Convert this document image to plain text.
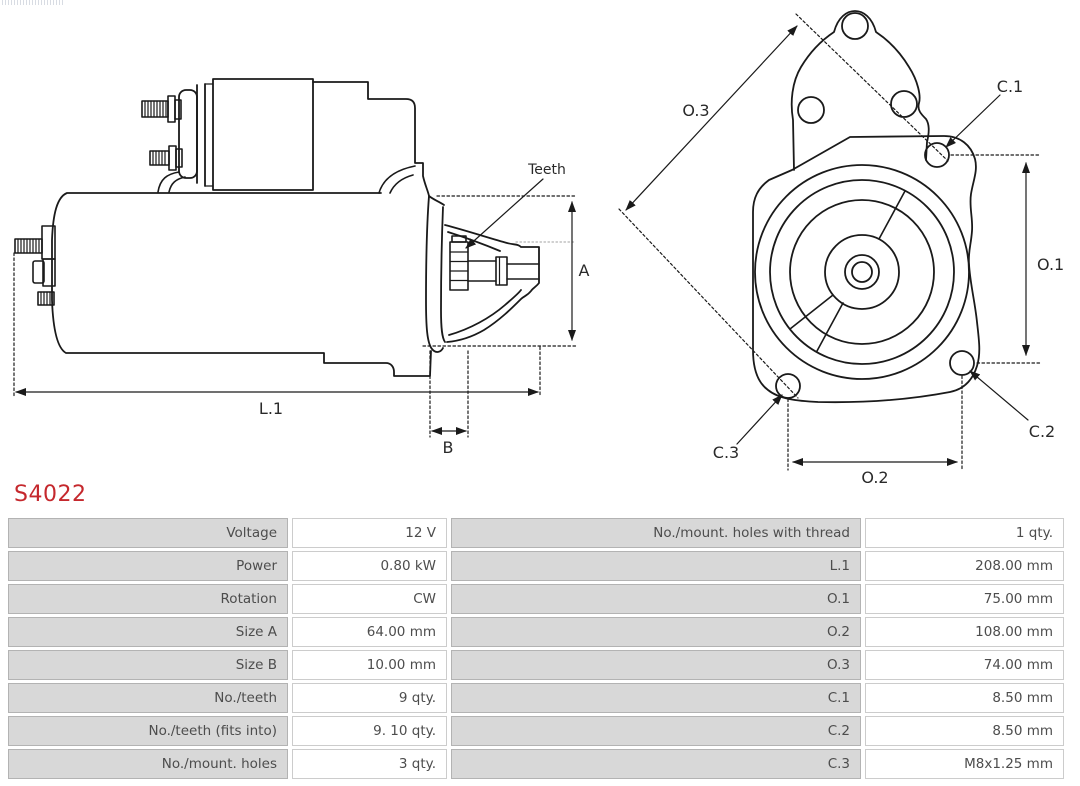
A
L.1
B
Teeth
O.3
O.1
O.2
C.1
C.2
C.3
S4022
Voltage	12 V	No./mount. holes with thread	1 qty.
Power	0.80 kW	L.1	208.00 mm
Rotation	CW	O.1	75.00 mm
Size A	64.00 mm	O.2	108.00 mm
Size B	10.00 mm	O.3	74.00 mm
No./teeth	9 qty.	C.1	8.50 mm
No./teeth (fits into)	9. 10 qty.	C.2	8.50 mm
No./mount. holes	3 qty.	C.3	M8x1.25 mm
